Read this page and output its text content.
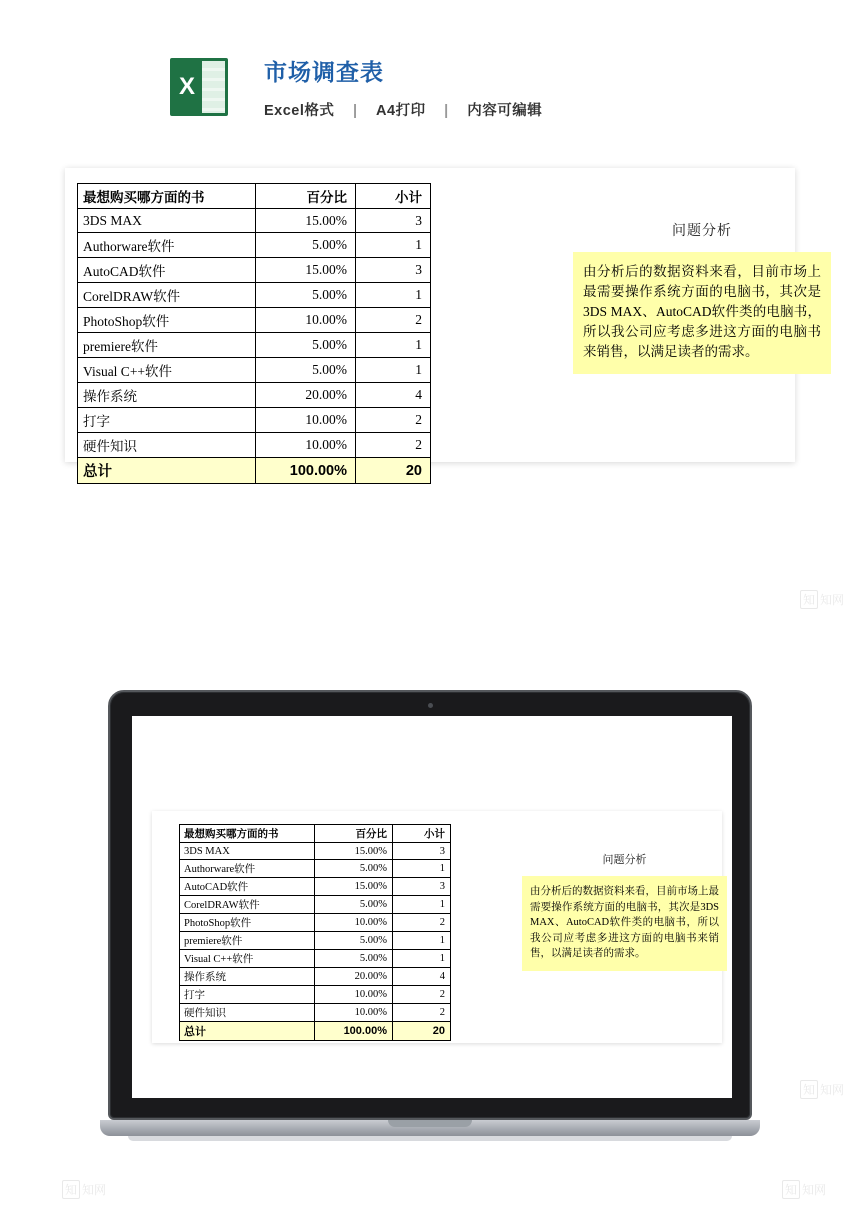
X
市场调查表
Excel格式 | A4打印 | 内容可编辑
最想购买哪方面的书	百分比	小计
3DS MAX	15.00%	3
Authorware软件	5.00%	1
AutoCAD软件	15.00%	3
CorelDRAW软件	5.00%	1
PhotoShop软件	10.00%	2
premiere软件	5.00%	1
Visual C++软件	5.00%	1
操作系统	20.00%	4
打字	10.00%	2
硬件知识	10.00%	2
总计	100.00%	20
问题分析
由分析后的数据资料来看，目前市场上最需要操作系统方面的电脑书，其次是3DS MAX、AutoCAD软件类的电脑书，所以我公司应考虑多进这方面的电脑书来销售，以满足读者的需求。
最想购买哪方面的书	百分比	小计
3DS MAX	15.00%	3
Authorware软件	5.00%	1
AutoCAD软件	15.00%	3
CorelDRAW软件	5.00%	1
PhotoShop软件	10.00%	2
premiere软件	5.00%	1
Visual C++软件	5.00%	1
操作系统	20.00%	4
打字	10.00%	2
硬件知识	10.00%	2
总计	100.00%	20
问题分析
由分析后的数据资料来看，目前市场上最需要操作系统方面的电脑书，其次是3DS MAX、AutoCAD软件类的电脑书，所以我公司应考虑多进这方面的电脑书来销售，以满足读者的需求。
知 知网
知 知网
知 知网	知 知网
